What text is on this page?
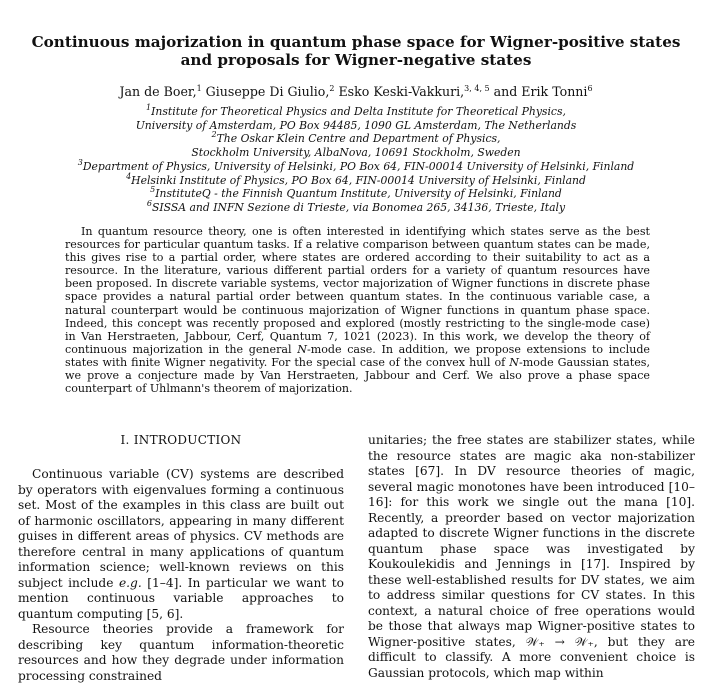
Continuous majorization in quantum phase space for Wigner-positive states
and proposals for Wigner-negative states
Jan de Boer,$^1$ Giuseppe Di Giulio,$^2$ Esko Keski-Vakkuri,$^{3, 4, 5}$ and Erik Tonni$^6$
$^1$Institute for Theoretical Physics and Delta Institute for Theoretical Physics,
University of Amsterdam, PO Box 94485, 1090 GL Amsterdam, The Netherlands
$^2$The Oskar Klein Centre and Department of Physics,
Stockholm University, AlbaNova, 10691 Stockholm, Sweden
$^3$Department of Physics, University of Helsinki, PO Box 64, FIN-00014 University of Helsinki, Finland
$^4$Helsinki Institute of Physics, PO Box 64, FIN-00014 University of Helsinki, Finland
$^5$InstituteQ - the Finnish Quantum Institute, University of Helsinki, Finland
$^6$SISSA and INFN Sezione di Trieste, via Bonomea 265, 34136, Trieste, Italy

In quantum resource theory, one is often interested in identifying which states serve as the best resources for particular quantum tasks. If a relative comparison between quantum states can be made, this gives rise to a partial order, where states are ordered according to their suitability to act as a resource. In the literature, various different partial orders for a variety of quantum resources have been proposed. In discrete variable systems, vector majorization of Wigner functions in discrete phase space provides a natural partial order between quantum states. In the continuous variable case, a natural counterpart would be continuous majorization of Wigner functions in quantum phase space. Indeed, this concept was recently proposed and explored (mostly restricting to the single-mode case) in Van Herstraeten, Jabbour, Cerf, Quantum 7, 1021 (2023). In this work, we develop the theory of continuous majorization in the general N-mode case. In addition, we propose extensions to include states with finite Wigner negativity. For the special case of the convex hull of N-mode Gaussian states, we prove a conjecture made by Van Herstraeten, Jabbour and Cerf. We also prove a phase space counterpart of Uhlmann's theorem of majorization.

I. INTRODUCTION

Continuous variable (CV) systems are described by operators with eigenvalues forming a continuous set. Most of the examples in this class are built out of harmonic oscillators, appearing in many different guises in different areas of physics. CV methods are therefore central in many applications of quantum information science; well-known reviews on this subject include e.g. [1–4]. In particular we want to mention continuous variable approaches to quantum computing [5, 6].

Resource theories provide a framework for describing key quantum information-theoretic resources and how they degrade under information processing constrained

unitaries; the free states are stabilizer states, while the resource states are magic aka non-stabilizer states [67]. In DV resource theories of magic, several magic monotones have been introduced [10–16]: for this work we single out the mana [10]. Recently, a preorder based on vector majorization adapted to discrete Wigner functions in the discrete quantum phase space was investigated by Koukoulekidis and Jennings in [17]. Inspired by these well-established results for DV states, we aim to address similar questions for CV states. In this context, a natural choice of free operations would be those that always map Wigner-positive states to Wigner-positive states, 𝒲₊ → 𝒲₊, but they are difficult to classify. A more convenient choice is Gaussian protocols, which map within
